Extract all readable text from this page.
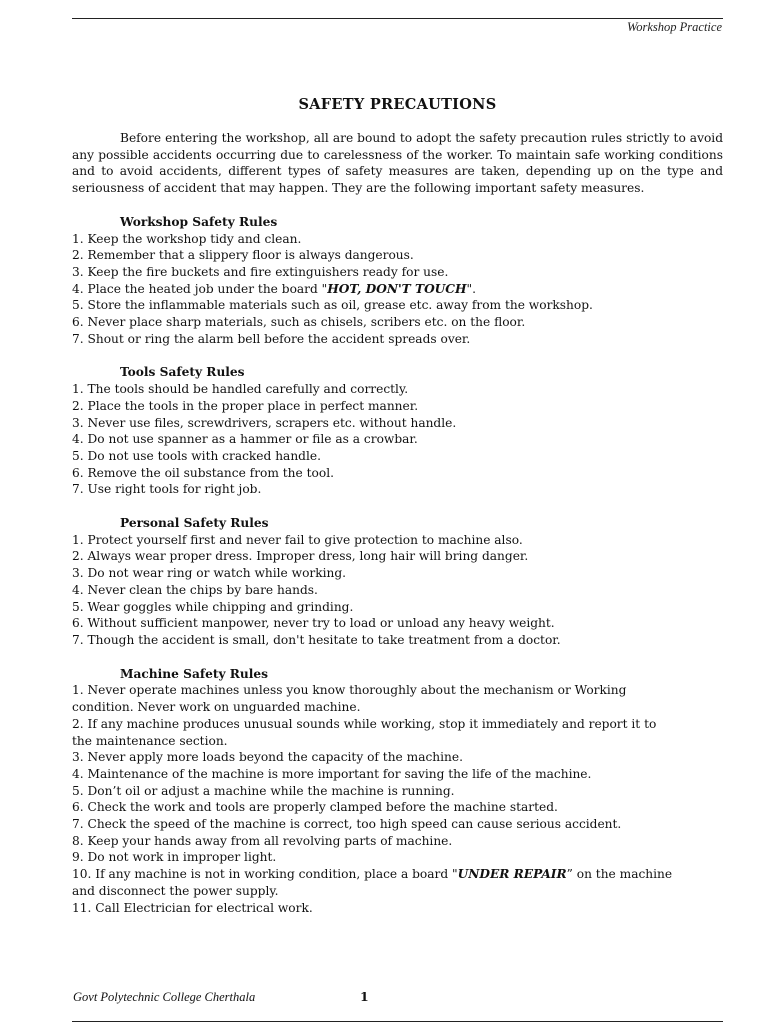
Workshop Practice
SAFETY PRECAUTIONS

Before entering the workshop, all are bound to adopt the safety precaution rules strictly to avoid any possible accidents occurring due to carelessness of the worker. To maintain safe working conditions and to avoid accidents, different types of safety measures are taken, depending up on the type and seriousness of accident that may happen. They are the following important safety measures.

Workshop Safety Rules
1. Keep the workshop tidy and clean.
2. Remember that a slippery floor is always dangerous.
3. Keep the fire buckets and fire extinguishers ready for use.
4. Place the heated job under the board "HOT, DON'T TOUCH".
5. Store the inflammable materials such as oil, grease etc. away from the workshop.
6. Never place sharp materials, such as chisels, scribers etc. on the floor.
7. Shout or ring the alarm bell before the accident spreads over.
Tools Safety Rules
1. The tools should be handled carefully and correctly.
2. Place the tools in the proper place in perfect manner.
3. Never use files, screwdrivers, scrapers etc. without handle.
4. Do not use spanner as a hammer or file as a crowbar.
5. Do not use tools with cracked handle.
6. Remove the oil substance from the tool.
7. Use right tools for right job.
Personal Safety Rules
1. Protect yourself first and never fail to give protection to machine also.
2. Always wear proper dress. Improper dress, long hair will bring danger.
3. Do not wear ring or watch while working.
4. Never clean the chips by bare hands.
5. Wear goggles while chipping and grinding.
6. Without sufficient manpower, never try to load or unload any heavy weight.
7. Though the accident is small, don't hesitate to take treatment from a doctor.
Machine Safety Rules
1. Never operate machines unless you know thoroughly about the mechanism or Working
condition. Never work on unguarded machine.
2. If any machine produces unusual sounds while working, stop it immediately and report it to
the maintenance section.
3. Never apply more loads beyond the capacity of the machine.
4. Maintenance of the machine is more important for saving the life of the machine.
5. Don’t oil or adjust a machine while the machine is running.
6. Check the work and tools are properly clamped before the machine started.
7. Check the speed of the machine is correct, too high speed can cause serious accident.
8. Keep your hands away from all revolving parts of machine.
9. Do not work in improper light.
10. If any machine is not in working condition, place a board "UNDER REPAIR” on the machine
and disconnect the power supply.
11. Call Electrician for electrical work.
Govt Polytechnic College Cherthala	1
